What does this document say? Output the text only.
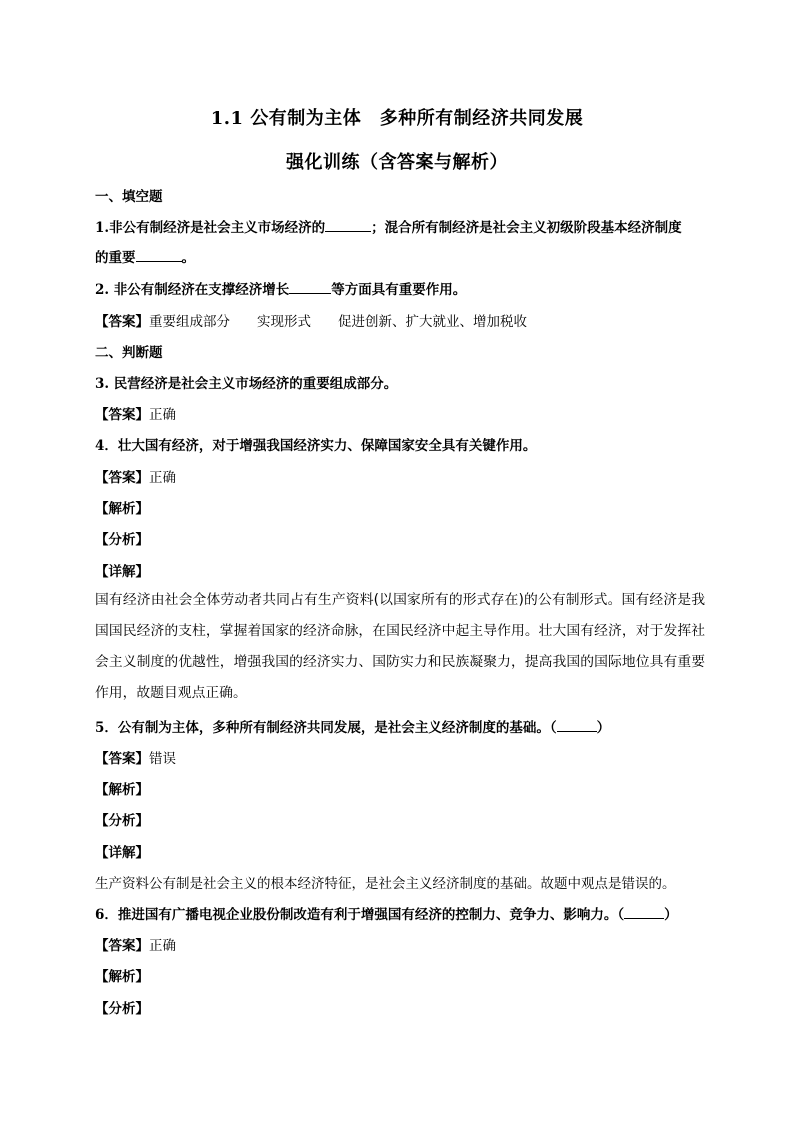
1.1 公有制为主体　多种所有制经济共同发展
强化训练（含答案与解析）
一、填空题
1.非公有制经济是社会主义市场经济的	；混合所有制经济是社会主义初级阶段基本经济制度
的重要	。
2. 非公有制经济在支撑经济增长	等方面具有重要作用。
【答案】重要组成部分　　实现形式　　促进创新、扩大就业、增加税收
二、判断题
3. 民营经济是社会主义市场经济的重要组成部分。
【答案】正确
4．壮大国有经济，对于增强我国经济实力、保障国家安全具有关键作用。
【答案】正确
【解析】
【分析】
【详解】
国有经济由社会全体劳动者共同占有生产资料(以国家所有的形式存在)的公有制形式。国有经济是我国国民经济的支柱，掌握着国家的经济命脉，在国民经济中起主导作用。壮大国有经济，对于发挥社会主义制度的优越性，增强我国的经济实力、国防实力和民族凝聚力，提高我国的国际地位具有重要作用，故题目观点正确。
5．公有制为主体，多种所有制经济共同发展，是社会主义经济制度的基础。（	）
【答案】错误
【解析】
【分析】
【详解】
生产资料公有制是社会主义的根本经济特征，是社会主义经济制度的基础。故题中观点是错误的。
6．推进国有广播电视企业股份制改造有利于增强国有经济的控制力、竞争力、影响力。（	）
【答案】正确
【解析】
【分析】
